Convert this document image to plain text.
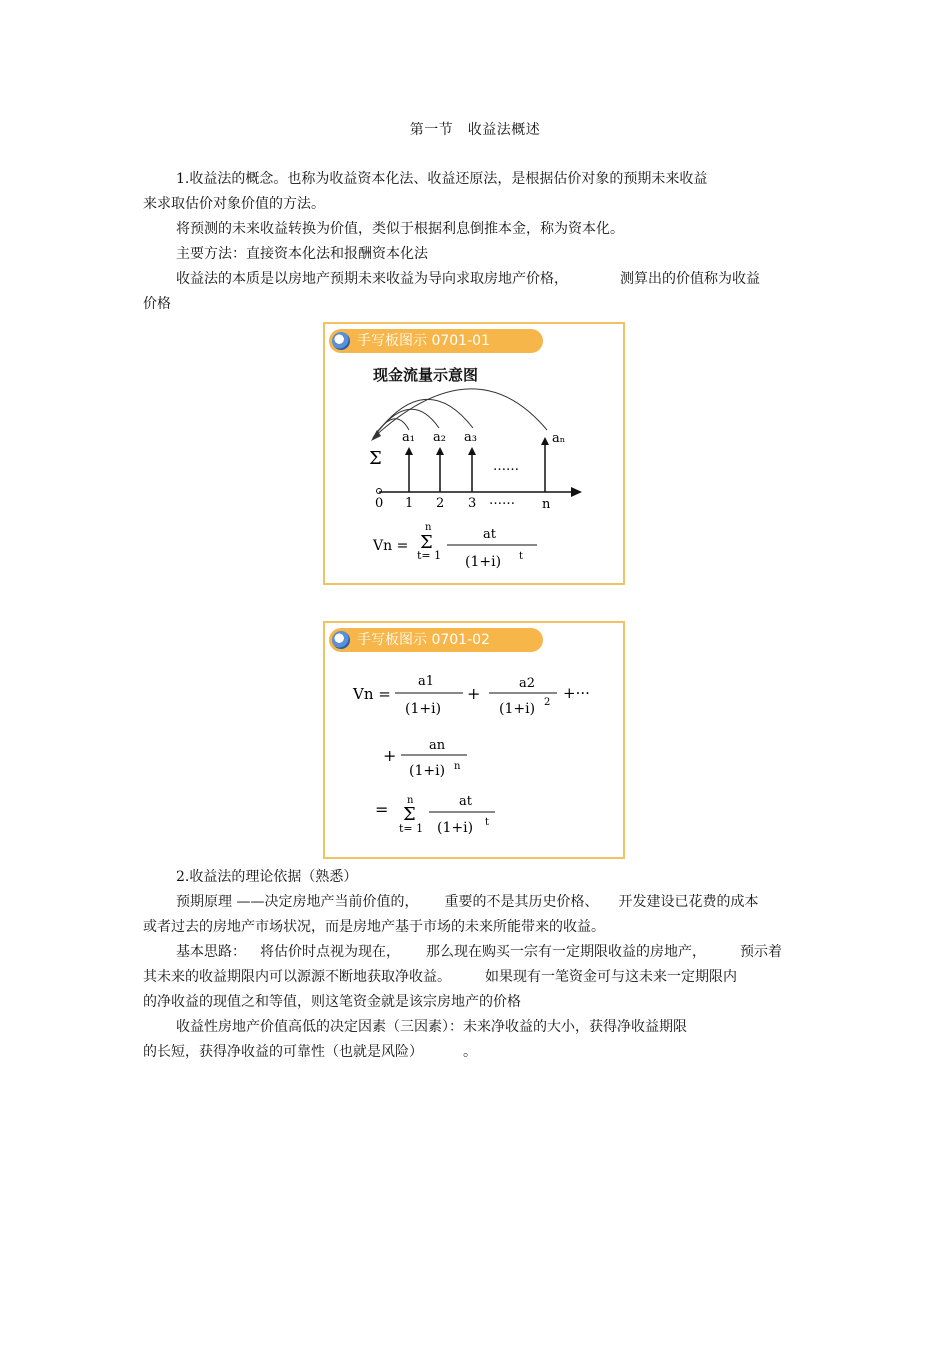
第一节　收益法概述
1.收益法的概念。也称为收益资本化法、收益还原法，是根据估价对象的预期未来收益
来求取估价对象价值的方法。
将预测的未来收益转换为价值，类似于根据利息倒推本金，称为资本化。
主要方法：直接资本化法和报酬资本化法
收益法的本质是以房地产预期未来收益为导向求取房地产价格，	测算出的价值称为收益
价格
手写板图示 0701-01
现金流量示意图
Σ
a₁ a₂ a₃	aₙ
……
0 1 2 3 …… n
Vn =
n
Σ
t= 1
at
(1+i) t
手写板图示 0701-02
Vn =
a1
(1+i)
+
a2
(1+i) 2
+···
+
an
(1+i) n
= n
Σ
t= 1
at
(1+i) t
2.收益法的理论依据（熟悉）
预期原理 ——决定房地产当前价值的， 重要的不是其历史价格、 开发建设已花费的成本
或者过去的房地产市场状况，而是房地产基于市场的未来所能带来的收益。
基本思路： 将估价时点视为现在， 那么现在购买一宗有一定期限收益的房地产， 预示着
其未来的收益期限内可以源源不断地获取净收益。 如果现有一笔资金可与这未来一定期限内
的净收益的现值之和等值，则这笔资金就是该宗房地产的价格
收益性房地产价值高低的决定因素（三因素）：未来净收益的大小，获得净收益期限
的长短，获得净收益的可靠性（也就是风险）	。
